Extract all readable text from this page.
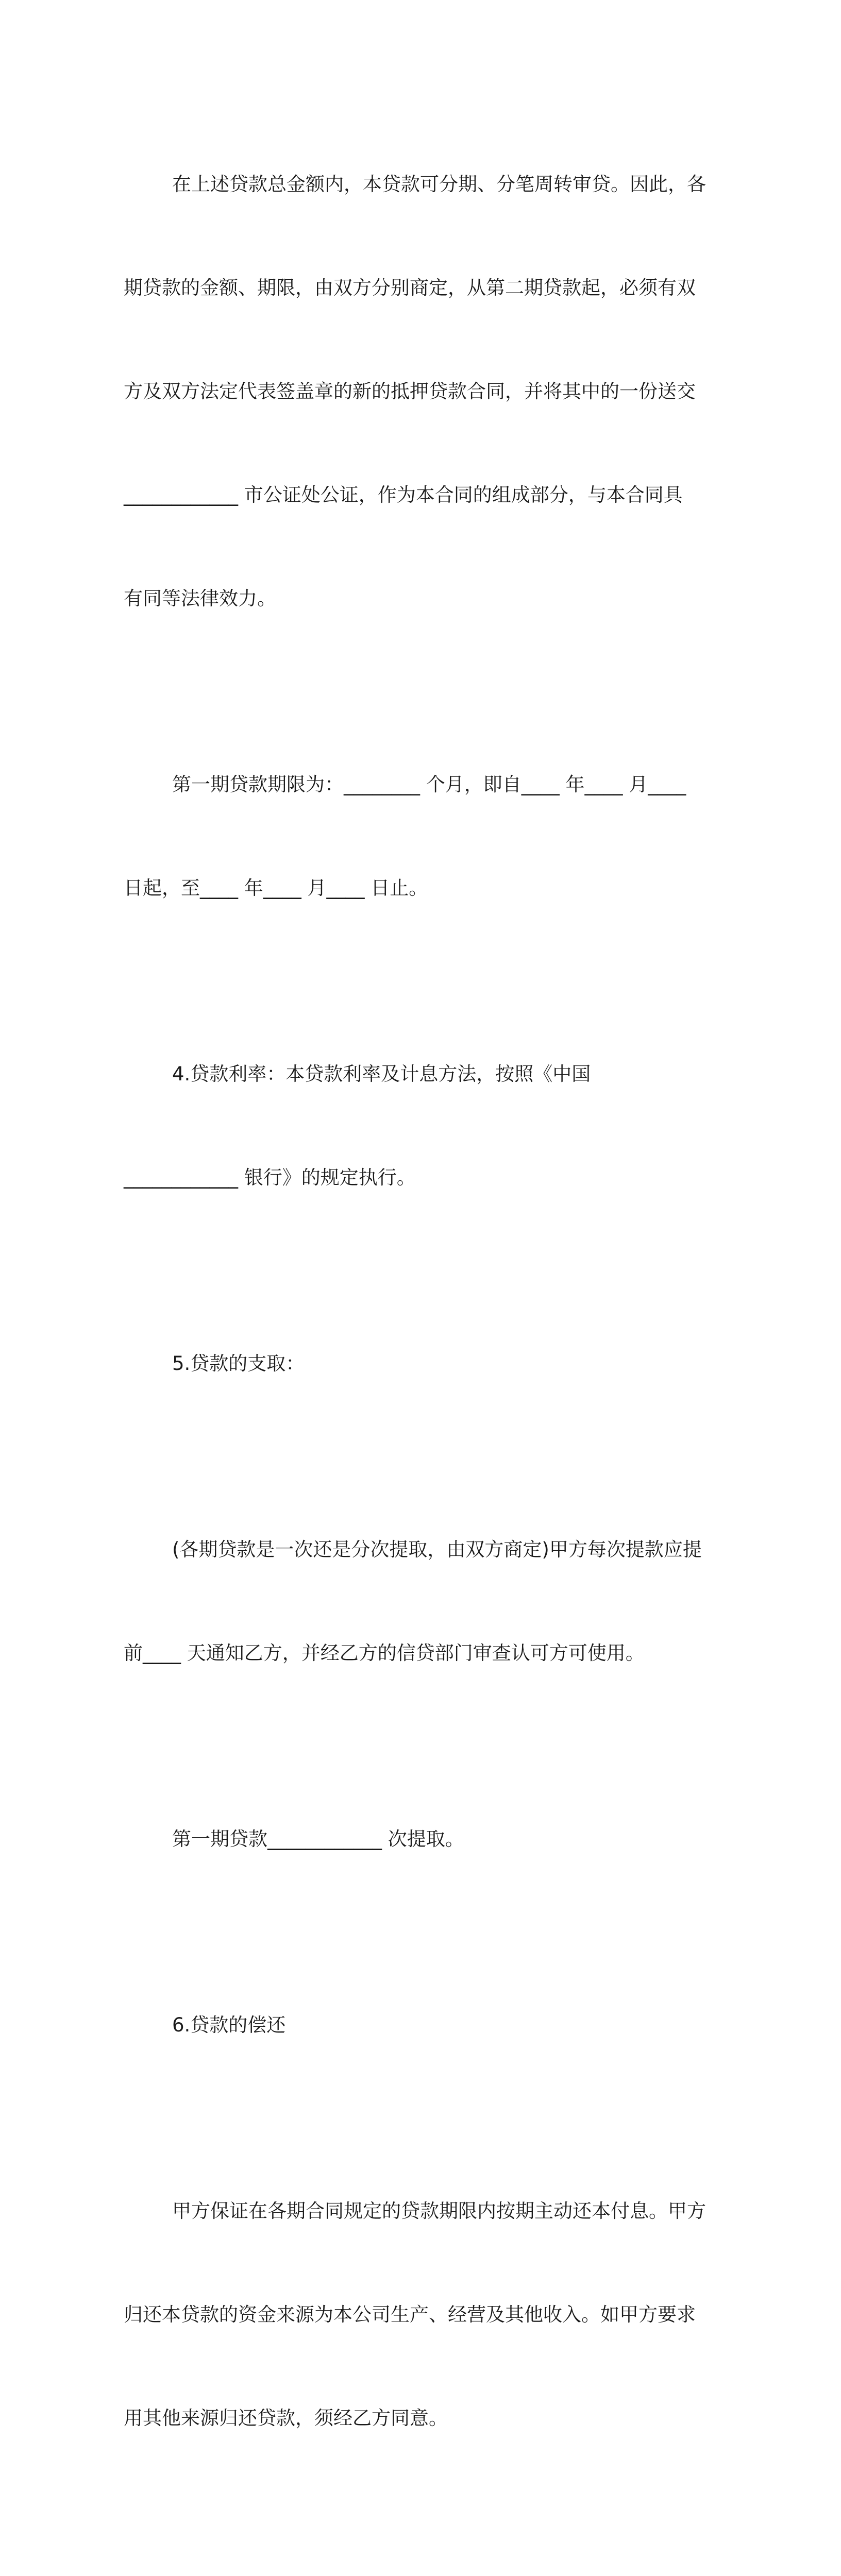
在上述贷款总金额内，本贷款可分期、分笔周转审贷。因此，各

期贷款的金额、期限，由双方分别商定，从第二期贷款起，必须有双

方及双方法定代表签盖章的新的抵押贷款合同，并将其中的一份送交

____________ 市公证处公证，作为本合同的组成部分，与本合同具

有同等法律效力。

第一期贷款期限为：________ 个月，即自____ 年____ 月____

日起，至____ 年____ 月____ 日止。

4.贷款利率：本贷款利率及计息方法，按照《中国

____________ 银行》的规定执行。

5.贷款的支取：

(各期贷款是一次还是分次提取，由双方商定)甲方每次提款应提

前____ 天通知乙方，并经乙方的信贷部门审查认可方可使用。

第一期贷款____________ 次提取。

6.贷款的偿还

甲方保证在各期合同规定的贷款期限内按期主动还本付息。甲方

归还本贷款的资金来源为本公司生产、经营及其他收入。如甲方要求

用其他来源归还贷款，须经乙方同意。
